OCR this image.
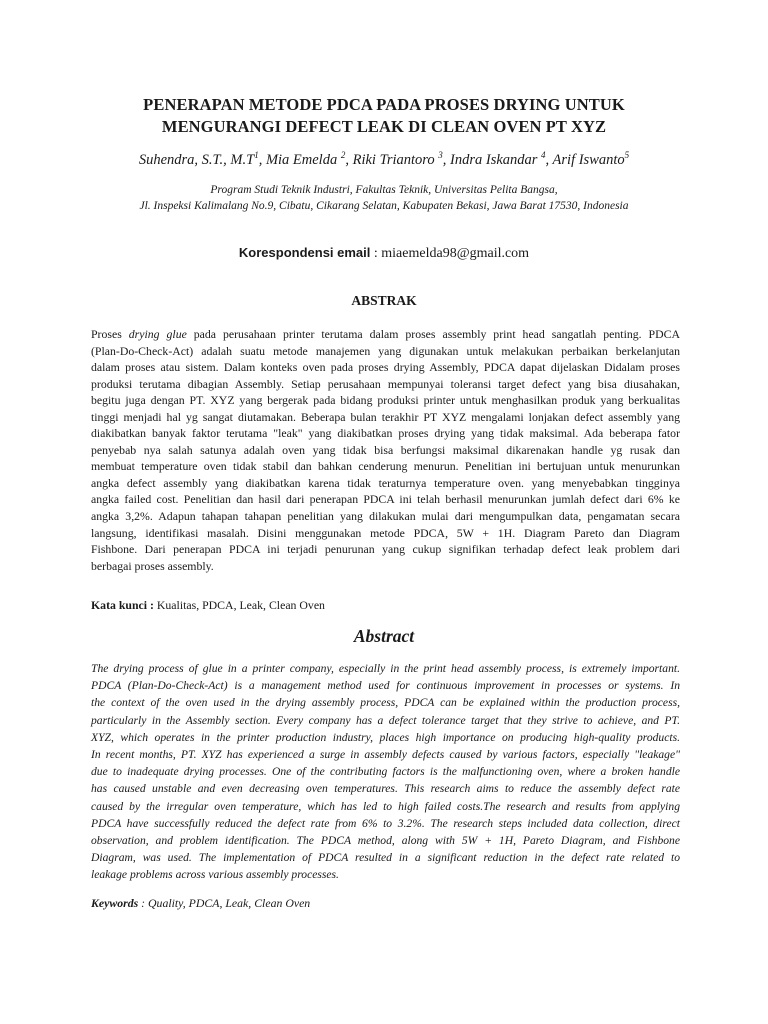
PENERAPAN METODE PDCA PADA PROSES DRYING UNTUK
MENGURANGI DEFECT LEAK DI CLEAN OVEN PT XYZ
Suhendra, S.T., $M.T^1$, Mia Emelda $^2$, Riki Triantoro $^3$, Indra Iskandar $^4$, Arif Iswanto$^5$
Program Studi Teknik Industri, Fakultas Teknik, Universitas Pelita Bangsa,
Jl. Inspeksi Kalimalang No.9, Cibatu, Cikarang Selatan, Kabupaten Bekasi, Jawa Barat 17530, Indonesia
Korespondensi email : miaemelda98@gmail.com
ABSTRAK
Proses drying glue pada perusahaan printer terutama dalam proses assembly print head sangatlah penting. PDCA
(Plan-Do-Check-Act) adalah suatu metode manajemen yang digunakan untuk melakukan perbaikan berkelanjutan
dalam proses atau sistem. Dalam konteks oven pada proses drying Assembly, PDCA dapat dijelaskan Didalam proses
produksi terutama dibagian Assembly. Setiap perusahaan mempunyai toleransi target defect yang bisa diusahakan,
begitu juga dengan PT. XYZ yang bergerak pada bidang produksi printer untuk menghasilkan produk yang berkualitas
tinggi menjadi hal yg sangat diutamakan. Beberapa bulan terakhir PT XYZ mengalami lonjakan defect assembly yang
diakibatkan banyak faktor terutama "leak" yang diakibatkan proses drying yang tidak maksimal. Ada beberapa fator
penyebab nya salah satunya adalah oven yang tidak bisa berfungsi maksimal dikarenakan handle yg rusak dan
membuat temperature oven tidak stabil dan bahkan cenderung menurun. Penelitian ini bertujuan untuk menurunkan
angka defect assembly yang diakibatkan karena tidak teraturnya temperature oven. yang menyebabkan tingginya
angka failed cost. Penelitian dan hasil dari penerapan PDCA ini telah berhasil menurunkan jumlah defect dari 6% ke
angka 3,2%. Adapun tahapan tahapan penelitian yang dilakukan mulai dari mengumpulkan data, pengamatan secara
langsung, identifikasi masalah. Disini menggunakan metode PDCA, 5W + 1H. Diagram Pareto dan Diagram
Fishbone. Dari penerapan PDCA ini terjadi penurunan yang cukup signifikan terhadap defect leak problem dari
berbagai proses assembly.
Kata kunci : Kualitas, PDCA, Leak, Clean Oven
Abstract
The drying process of glue in a printer company, especially in the print head assembly process, is extremely important.
PDCA (Plan-Do-Check-Act) is a management method used for continuous improvement in processes or systems. In
the context of the oven used in the drying assembly process, PDCA can be explained within the production process,
particularly in the Assembly section. Every company has a defect tolerance target that they strive to achieve, and PT.
XYZ, which operates in the printer production industry, places high importance on producing high-quality products.
In recent months, PT. XYZ has experienced a surge in assembly defects caused by various factors, especially "leakage"
due to inadequate drying processes. One of the contributing factors is the malfunctioning oven, where a broken handle
has caused unstable and even decreasing oven temperatures. This research aims to reduce the assembly defect rate
caused by the irregular oven temperature, which has led to high failed costs.The research and results from applying
PDCA have successfully reduced the defect rate from 6% to 3.2%. The research steps included data collection, direct
observation, and problem identification. The PDCA method, along with 5W + 1H, Pareto Diagram, and Fishbone
Diagram, was used. The implementation of PDCA resulted in a significant reduction in the defect rate related to
leakage problems across various assembly processes.
Keywords : Quality, PDCA, Leak, Clean Oven
